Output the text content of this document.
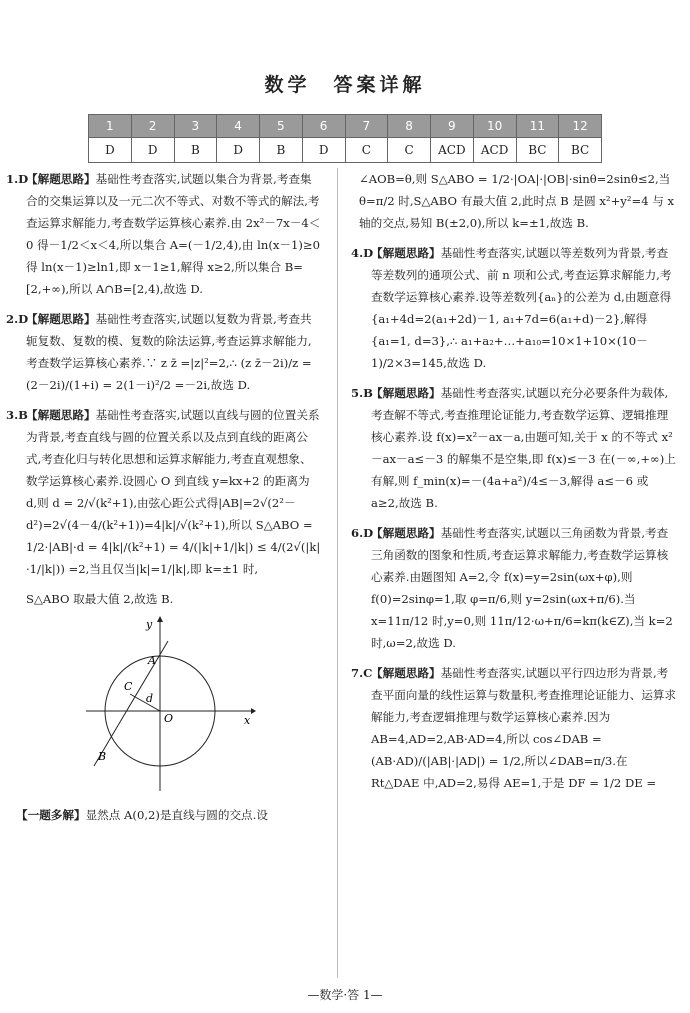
数学　答案详解
1	2	3	4	5	6	7	8	9	10	11	12
D	D	B	D	B	D	C	C	ACD	ACD	BC	BC
1.D
【解题思路】基础性考查落实,试题以集合为背景,考查集合的交集运算以及一元二次不等式、对数不等式的解法,考查运算求解能力,考查数学运算核心素养.由 2x²－7x－4＜0 得－1/2＜x＜4,所以集合 A=(－1/2,4),由 ln(x－1)≥0 得 ln(x－1)≥ln1,即 x－1≥1,解得 x≥2,所以集合 B=[2,+∞),所以 A∩B=[2,4),故选 D.
2.D
【解题思路】基础性考查落实,试题以复数为背景,考查共轭复数、复数的模、复数的除法运算,考查运算求解能力,考查数学运算核心素养.∵ z z̄ =|z|²=2,∴ (z z̄－2i)/z = (2－2i)/(1+i) = 2(1－i)²/2 =－2i,故选 D.
3.B
【解题思路】基础性考查落实,试题以直线与圆的位置关系为背景,考查直线与圆的位置关系以及点到直线的距离公式,考查化归与转化思想和运算求解能力,考查直观想象、数学运算核心素养.设圆心 O 到直线 y=kx+2 的距离为 d,则 d = 2/√(k²+1),由弦心距公式得|AB|=2√(2²－d²)=2√(4－4/(k²+1))=4|k|/√(k²+1),所以 S△ABO = 1/2·|AB|·d = 4|k|/(k²+1) = 4/(|k|+1/|k|) ≤ 4/(2√(|k|·1/|k|)) =2,当且仅当|k|=1/|k|,即 k=±1 时,
S△ABO 取最大值 2,故选 B.
y
x
A
B
C
d
O
【一题多解】显然点 A(0,2)是直线与圆的交点.设
∠AOB=θ,则 S△ABO = 1/2·|OA|·|OB|·sinθ=2sinθ≤2,当 θ=π/2 时,S△ABO 有最大值 2,此时点 B 是圆 x²+y²=4 与 x 轴的交点,易知 B(±2,0),所以 k=±1,故选 B.
4.D
【解题思路】基础性考查落实,试题以等差数列为背景,考查等差数列的通项公式、前 n 项和公式,考查运算求解能力,考查数学运算核心素养.设等差数列{aₙ}的公差为 d,由题意得 {a₁+4d=2(a₁+2d)－1, a₁+7d=6(a₁+d)－2},解得 {a₁=1, d=3},∴ a₁+a₂+…+a₁₀=10×1+10×(10－1)/2×3=145,故选 D.
5.B
【解题思路】基础性考查落实,试题以充分必要条件为载体,考查解不等式,考查推理论证能力,考查数学运算、逻辑推理核心素养.设 f(x)=x²－ax－a,由题可知,关于 x 的不等式 x²－ax－a≤－3 的解集不是空集,即 f(x)≤－3 在(－∞,+∞)上有解,则 f_min(x)=－(4a+a²)/4≤－3,解得 a≤－6 或 a≥2,故选 B.
6.D
【解题思路】基础性考查落实,试题以三角函数为背景,考查三角函数的图象和性质,考查运算求解能力,考查数学运算核心素养.由题图知 A=2,令 f(x)=y=2sin(ωx+φ),则 f(0)=2sinφ=1,取 φ=π/6,则 y=2sin(ωx+π/6).当 x=11π/12 时,y=0,则 11π/12·ω+π/6=kπ(k∈Z),当 k=2 时,ω=2,故选 D.
7.C
【解题思路】基础性考查落实,试题以平行四边形为背景,考查平面向量的线性运算与数量积,考查推理论证能力、运算求解能力,考查逻辑推理与数学运算核心素养.因为 AB=4,AD=2,AB·AD=4,所以 cos∠DAB = (AB·AD)/(|AB|·|AD|) = 1/2,所以∠DAB=π/3.在 Rt△DAE 中,AD=2,易得 AE=1,于是 DF = 1/2 DE =
—数学·答 1—
